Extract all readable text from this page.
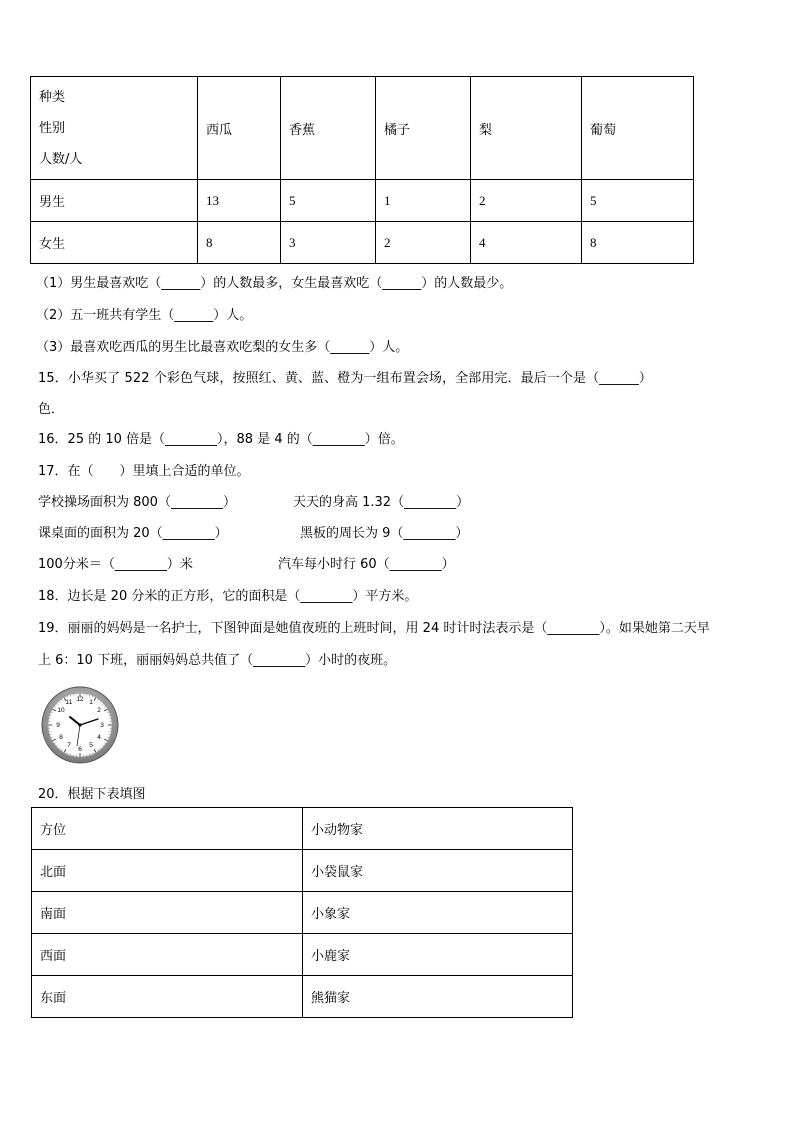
种类
性别
人数/人	西瓜	香蕉	橘子	梨	葡萄
男生	13	5	1	2	5
女生	8	3	2	4	8
（1）男生最喜欢吃（______）的人数最多，女生最喜欢吃（______）的人数最少。
（2）五一班共有学生（______）人。
（3）最喜欢吃西瓜的男生比最喜欢吃梨的女生多（______）人。
15．小华买了 522 个彩色气球，按照红、黄、蓝、橙为一组布置会场，全部用完．最后一个是（______）
色．
16．25 的 10 倍是（________），88 是 4 的（________）倍。
17．在（　　）里填上合适的单位。
学校操场面积为 800（________）	天天的身高 1.32（________）
课桌面的面积为 20（________）	黑板的周长为 9（________）
100分米＝（________）米	汽车每小时行 60（________）
18．边长是 20 分米的正方形，它的面积是（________）平方米。
19．丽丽的妈妈是一名护士，下图钟面是她值夜班的上班时间，用 24 时计时法表示是（________）。如果她第二天早
上 6：10 下班，丽丽妈妈总共值了（________）小时的夜班。
12 1
2
3
4
5
6
7
8
9
10
11
20．根据下表填图
方位	小动物家
北面	小袋鼠家
南面	小象家
西面	小鹿家
东面	熊猫家
